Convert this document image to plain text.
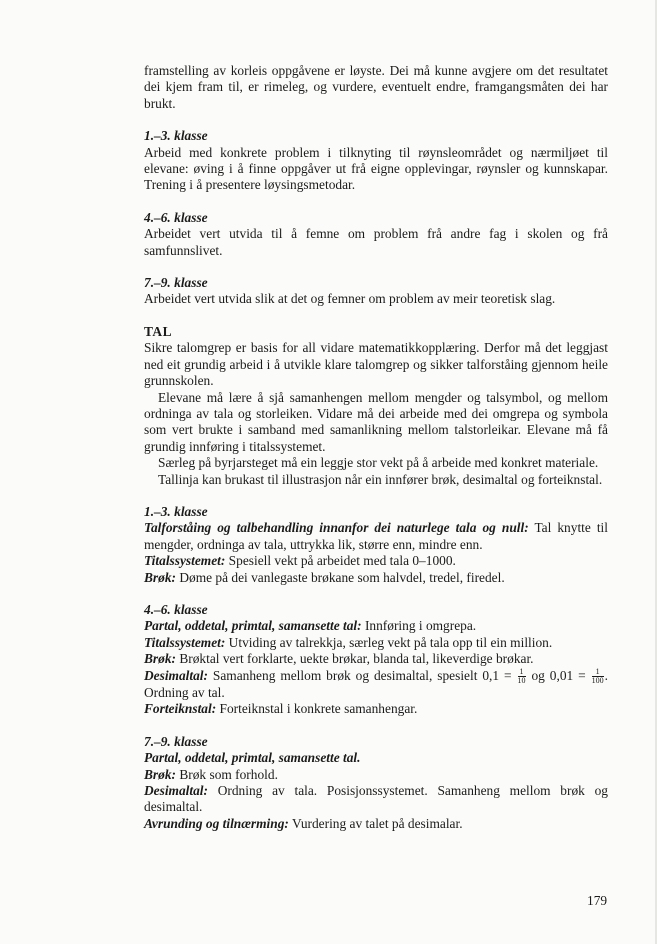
framstelling av korleis oppgåvene er løyste. Dei må kunne avgjere om det resultatet dei kjem fram til, er rimeleg, og vurdere, eventuelt endre, framgangsmåten dei har brukt.

1.–3. klasse

Arbeid med konkrete problem i tilknyting til røynsleområdet og nærmiljøet til elevane: øving i å finne oppgåver ut frå eigne opplevingar, røynsler og kunnskapar. Trening i å presentere løysingsmetodar.

4.–6. klasse

Arbeidet vert utvida til å femne om problem frå andre fag i skolen og frå samfunnslivet.

7.–9. klasse

Arbeidet vert utvida slik at det og femner om problem av meir teoretisk slag.

TAL

Sikre talomgrep er basis for all vidare matematikkopplæring. Derfor må det leggjast ned eit grundig arbeid i å utvikle klare talomgrep og sikker talforståing gjennom heile grunnskolen.

Elevane må lære å sjå samanhengen mellom mengder og talsymbol, og mellom ordninga av tala og storleiken. Vidare må dei arbeide med dei omgrepa og symbola som vert brukte i samband med samanlikning mellom talstorleikar. Elevane må få grundig innføring i titalssystemet.

Særleg på byrjarsteget må ein leggje stor vekt på å arbeide med konkret materiale.

Tallinja kan brukast til illustrasjon når ein innfører brøk, desimaltal og forteiknstal.

1.–3. klasse

Talforståing og talbehandling innanfor dei naturlege tala og null: Tal knytte til mengder, ordninga av tala, uttrykka lik, større enn, mindre enn.

Titalssystemet: Spesiell vekt på arbeidet med tala 0–1000.

Brøk: Døme på dei vanlegaste brøkane som halvdel, tredel, firedel.

4.–6. klasse

Partal, oddetal, primtal, samansette tal: Innføring i omgrepa.

Titalssystemet: Utviding av talrekkja, særleg vekt på tala opp til ein million.

Brøk: Brøktal vert forklarte, uekte brøkar, blanda tal, likeverdige brøkar.

Desimaltal: Samanheng mellom brøk og desimaltal, spesielt $0,1 = \frac{1}{10}$ og $0,01 = \frac{1}{100}$ . Ordning av tal.

Forteiknstal: Forteiknstal i konkrete samanhengar.

7.–9. klasse

Partal, oddetal, primtal, samansette tal.

Brøk: Brøk som forhold.

Desimaltal: Ordning av tala. Posisjonssystemet. Samanheng mellom brøk og desimaltal.

Avrunding og tilnærming: Vurdering av talet på desimalar.

179
